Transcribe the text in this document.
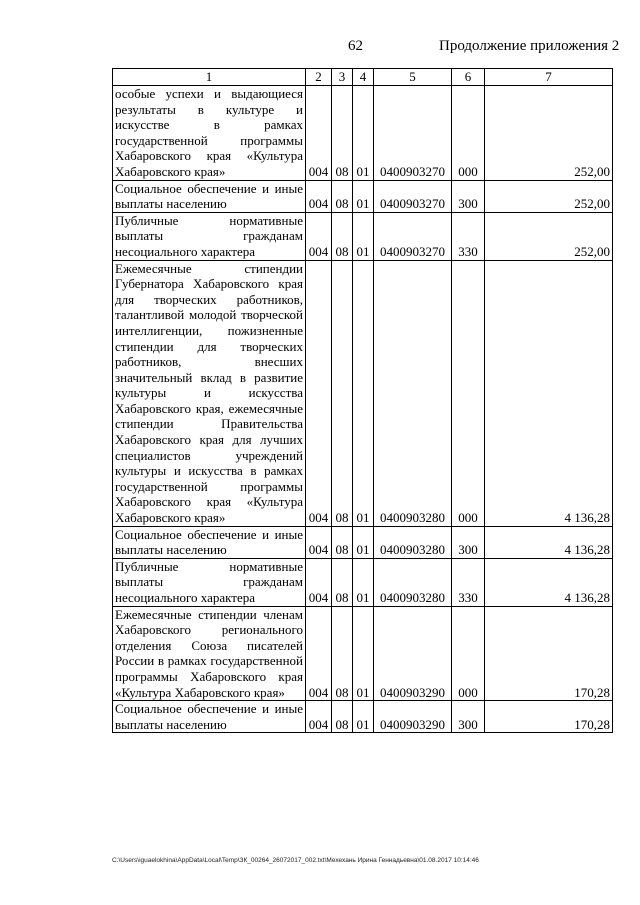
62	Продолжение приложения 2
1	2	3	4	5	6	7
особые успехи и выдающиеся результаты в культуре и искусстве в рамках государственной программы Хабаровского края «Культура Хабаровского края»	004	08	01	0400903270	000	252,00
Социальное обеспечение и иные выплаты населению	004	08	01	0400903270	300	252,00
Публичные нормативные выплаты гражданам несоциального характера	004	08	01	0400903270	330	252,00
Ежемесячные стипендии Губернатора Хабаровского края для творческих работников, талантливой молодой творческой интеллигенции, пожизненные стипендии для творческих работников, внесших значительный вклад в развитие культуры и искусства Хабаровского края, ежемесячные стипендии Правительства Хабаровского края для лучших специалистов учреждений культуры и искусства в рамках государственной программы Хабаровского края «Культура Хабаровского края»	004	08	01	0400903280	000	4 136,28
Социальное обеспечение и иные выплаты населению	004	08	01	0400903280	300	4 136,28
Публичные нормативные выплаты гражданам несоциального характера	004	08	01	0400903280	330	4 136,28
Ежемесячные стипендии членам Хабаровского регионального отделения Союза писателей России в рамках государственной программы Хабаровского края «Культура Хабаровского края»	004	08	01	0400903290	000	170,28
Социальное обеспечение и иные выплаты населению	004	08	01	0400903290	300	170,28
C:\Users\iguaelokhina\AppData\Local\Temp\ЗК_00264_26072017_002.txt\Мехехань Ирина Геннадьевна\01.08.2017 10:14:46
